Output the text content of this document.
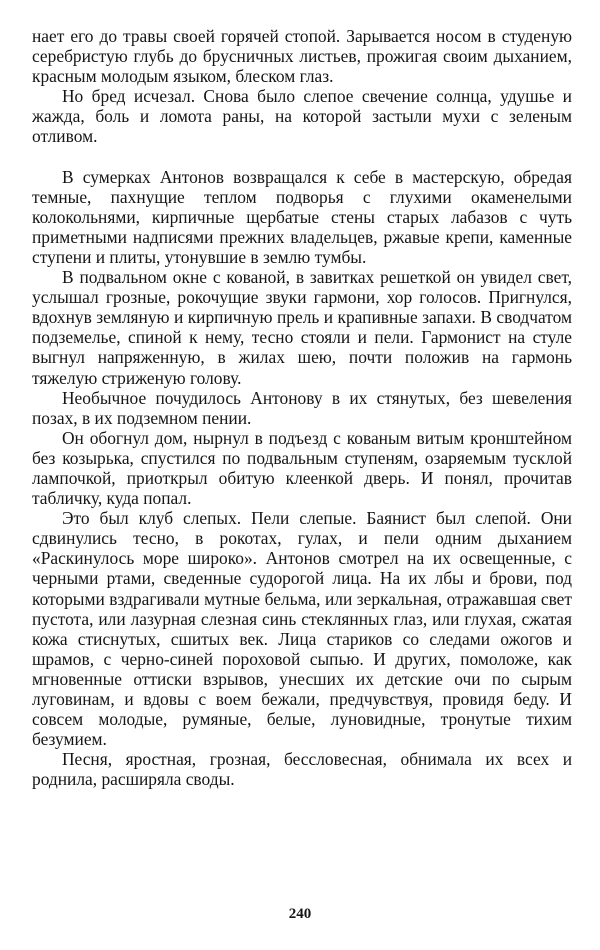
нает его до травы своей горячей стопой. Зарывается носом в студеную серебристую глубь до брусничных листьев, прожигая своим дыханием, красным молодым языком, блеском глаз.

Но бред исчезал. Снова было слепое свечение солнца, удушье и жажда, боль и ломота раны, на которой застыли мухи с зеленым отливом.

В сумерках Антонов возвращался к себе в мастерскую, обредая темные, пахнущие теплом подворья с глухими окаменелыми колокольнями, кирпичные щербатые стены старых лабазов с чуть приметными надписями прежних владельцев, ржавые крепи, каменные ступени и плиты, утонувшие в землю тумбы.

В подвальном окне с кованой, в завитках решеткой он увидел свет, услышал грозные, рокочущие звуки гармони, хор голосов. Пригнулся, вдохнув земляную и кирпичную прель и крапивные запахи. В сводчатом подземелье, спиной к нему, тесно стояли и пели. Гармонист на стуле выгнул напряженную, в жилах шею, почти положив на гармонь тяжелую стриженую голову.

Необычное почудилось Антонову в их стянутых, без шевеления позах, в их подземном пении.

Он обогнул дом, нырнул в подъезд с кованым витым кронштейном без козырька, спустился по подвальным ступеням, озаряемым тусклой лампочкой, приоткрыл обитую клеенкой дверь. И понял, прочитав табличку, куда попал.

Это был клуб слепых. Пели слепые. Баянист был слепой. Они сдвинулись тесно, в рокотах, гулах, и пели одним дыханием «Раскинулось море широко». Антонов смотрел на их освещенные, с черными ртами, сведенные судорогой лица. На их лбы и брови, под которыми вздрагивали мутные бельма, или зеркальная, отражавшая свет пустота, или лазурная слезная синь стеклянных глаз, или глухая, сжатая кожа стиснутых, сшитых век. Лица стариков со следами ожогов и шрамов, с черно-синей пороховой сыпью. И других, помоложе, как мгновенные оттиски взрывов, унесших их детские очи по сырым луговинам, и вдовы с воем бежали, предчувствуя, провидя беду. И совсем молодые, румяные, белые, луновидные, тронутые тихим безумием.

Песня, яростная, грозная, бессловесная, обнимала их всех и роднила, расширяла своды.

240
